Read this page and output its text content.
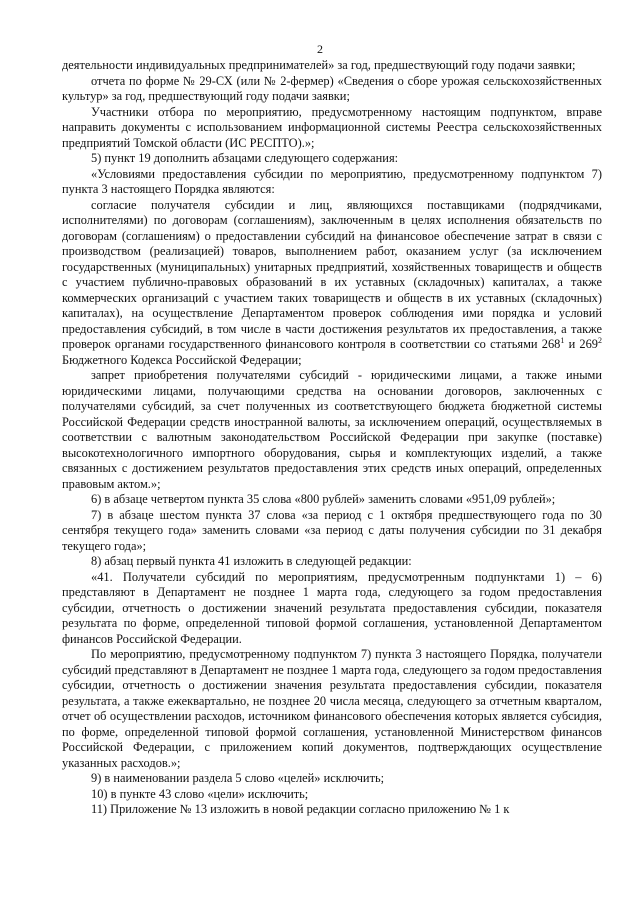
2

деятельности индивидуальных предпринимателей» за год, предшествующий году подачи заявки;

отчета по форме № 29-СХ (или № 2-фермер) «Сведения о сборе урожая сельскохозяйственных культур» за год, предшествующий году подачи заявки;

Участники отбора по мероприятию, предусмотренному настоящим подпунктом, вправе направить документы с использованием информационной системы Реестра сельскохозяйственных предприятий Томской области (ИС РЕСПТО).»;

5) пункт 19 дополнить абзацами следующего содержания:

«Условиями предоставления субсидии по мероприятию, предусмотренному подпунктом 7) пункта 3 настоящего Порядка являются:

согласие получателя субсидии и лиц, являющихся поставщиками (подрядчиками, исполнителями) по договорам (соглашениям), заключенным в целях исполнения обязательств по договорам (соглашениям) о предоставлении субсидий на финансовое обеспечение затрат в связи с производством (реализацией) товаров, выполнением работ, оказанием услуг (за исключением государственных (муниципальных) унитарных предприятий, хозяйственных товариществ и обществ с участием публично-правовых образований в их уставных (складочных) капиталах, а также коммерческих организаций с участием таких товариществ и обществ в их уставных (складочных) капиталах), на осуществление Департаментом проверок соблюдения ими порядка и условий предоставления субсидий, в том числе в части достижения результатов их предоставления, а также проверок органами государственного финансового контроля в соответствии со статьями $268^1$ и $269^2$ Бюджетного Кодекса Российской Федерации;

запрет приобретения получателями субсидий - юридическими лицами, а также иными юридическими лицами, получающими средства на основании договоров, заключенных с получателями субсидий, за счет полученных из соответствующего бюджета бюджетной системы Российской Федерации средств иностранной валюты, за исключением операций, осуществляемых в соответствии с валютным законодательством Российской Федерации при закупке (поставке) высокотехнологичного импортного оборудования, сырья и комплектующих изделий, а также связанных с достижением результатов предоставления этих средств иных операций, определенных правовым актом.»;

6) в абзаце четвертом пункта 35 слова «800 рублей» заменить словами «951,09 рублей»;

7) в абзаце шестом пункта 37 слова «за период с 1 октября предшествующего года по 30 сентября текущего года» заменить словами «за период с даты получения субсидии по 31 декабря текущего года»;

8) абзац первый пункта 41 изложить в следующей редакции:

«41. Получатели субсидий по мероприятиям, предусмотренным подпунктами 1) – 6) представляют в Департамент не позднее 1 марта года, следующего за годом предоставления субсидии, отчетность о достижении значений результата предоставления субсидии, показателя результата по форме, определенной типовой формой соглашения, установленной Департаментом финансов Российской Федерации.

По мероприятию, предусмотренному подпунктом 7) пункта 3 настоящего Порядка, получатели субсидий представляют в Департамент не позднее 1 марта года, следующего за годом предоставления субсидии, отчетность о достижении значения результата предоставления субсидии, показателя результата, а также ежеквартально, не позднее 20 числа месяца, следующего за отчетным кварталом, отчет об осуществлении расходов, источником финансового обеспечения которых является субсидия, по форме, определенной типовой формой соглашения, установленной Министерством финансов Российской Федерации, с приложением копий документов, подтверждающих осуществление указанных расходов.»;

9) в наименовании раздела 5 слово «целей» исключить;

10) в пункте 43 слово «цели» исключить;

11) Приложение № 13 изложить в новой редакции согласно приложению № 1 к
